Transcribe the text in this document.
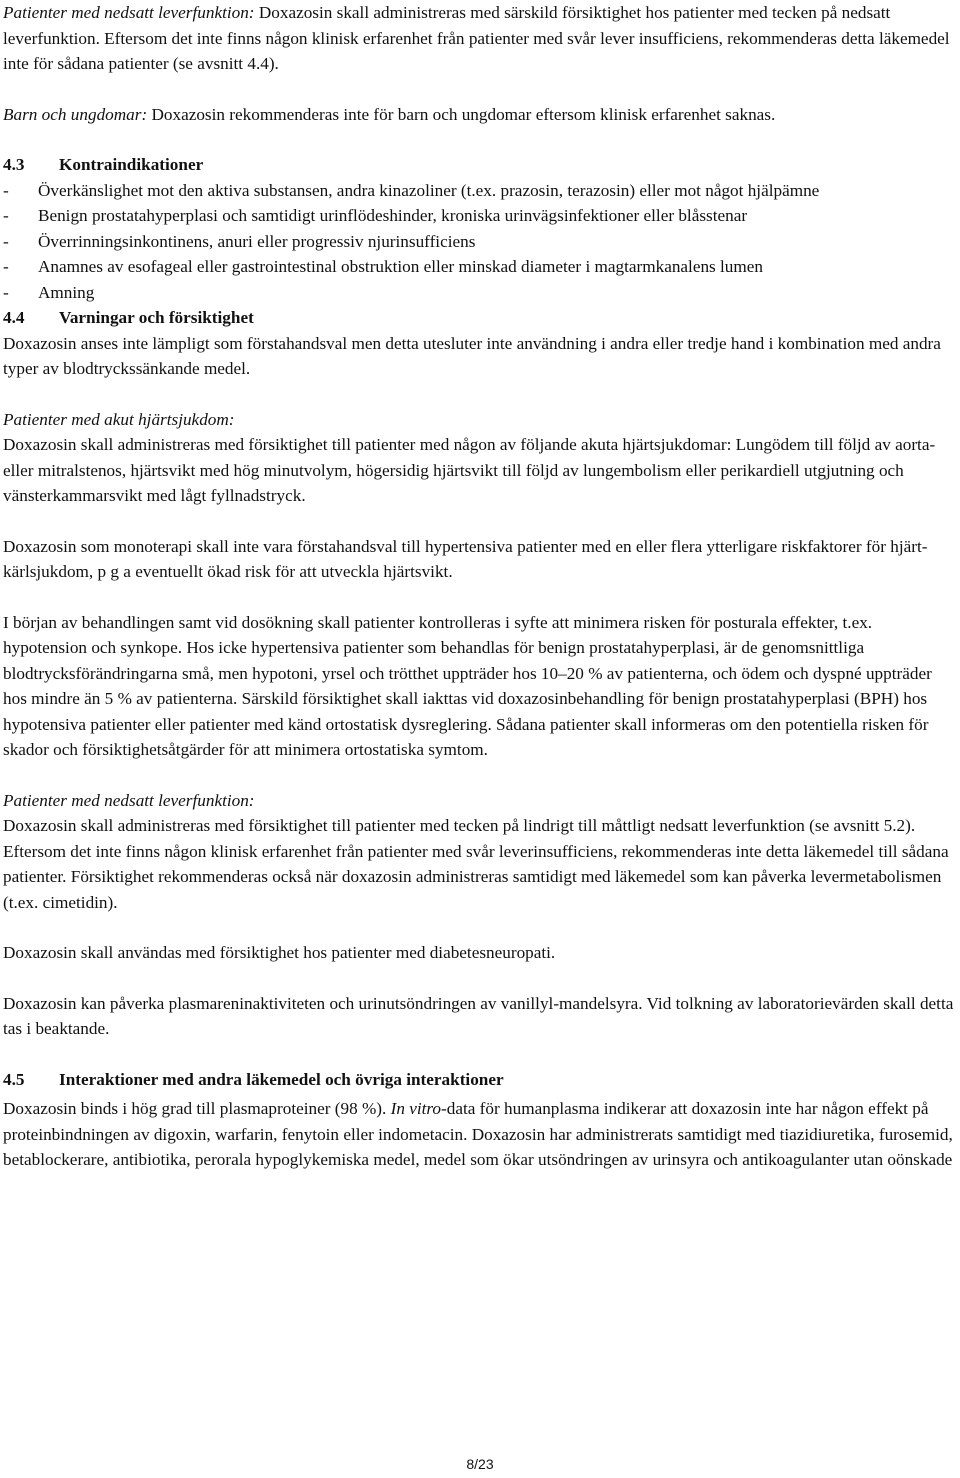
Patienter med nedsatt leverfunktion: Doxazosin skall administreras med särskild försiktighet hos patienter med tecken på nedsatt leverfunktion. Eftersom det inte finns någon klinisk erfarenhet från patienter med svår lever insufficiens, rekommenderas detta läkemedel inte för sådana patienter (se avsnitt 4.4).

Barn och ungdomar: Doxazosin rekommenderas inte för barn och ungdomar eftersom klinisk erfarenhet saknas.

4.3 Kontraindikationer

- Överkänslighet mot den aktiva substansen, andra kinazoliner (t.ex. prazosin, terazosin) eller mot något hjälpämne
- Benign prostatahyperplasi och samtidigt urinflödeshinder, kroniska urinvägsinfektioner eller blåsstenar
- Överrinningsinkontinens, anuri eller progressiv njurinsufficiens
- Anamnes av esofageal eller gastrointestinal obstruktion eller minskad diameter i magtarmkanalens lumen
- Amning

4.4 Varningar och försiktighet

Doxazosin anses inte lämpligt som förstahandsval men detta utesluter inte användning i andra eller tredje hand i kombination med andra typer av blodtryckssänkande medel.

Patienter med akut hjärtsjukdom:

Doxazosin skall administreras med försiktighet till patienter med någon av följande akuta hjärtsjukdomar: Lungödem till följd av aorta- eller mitralstenos, hjärtsvikt med hög minutvolym, högersidig hjärtsvikt till följd av lungembolism eller perikardiell utgjutning och vänsterkammarsvikt med lågt fyllnadstryck.

Doxazosin som monoterapi skall inte vara förstahandsval till hypertensiva patienter med en eller flera ytterligare riskfaktorer för hjärt-kärlsjukdom, p g a eventuellt ökad risk för att utveckla hjärtsvikt.

I början av behandlingen samt vid dosökning skall patienter kontrolleras i syfte att minimera risken för posturala effekter, t.ex. hypotension och synkope. Hos icke hypertensiva patienter som behandlas för benign prostatahyperplasi, är de genomsnittliga blodtrycksförändringarna små, men hypotoni, yrsel och trötthet uppträder hos 10–20 % av patienterna, och ödem och dyspné uppträder hos mindre än 5 % av patienterna. Särskild försiktighet skall iakttas vid doxazosinbehandling för benign prostatahyperplasi (BPH) hos hypotensiva patienter eller patienter med känd ortostatisk dysreglering. Sådana patienter skall informeras om den potentiella risken för skador och försiktighetsåtgärder för att minimera ortostatiska symtom.

Patienter med nedsatt leverfunktion:

Doxazosin skall administreras med försiktighet till patienter med tecken på lindrigt till måttligt nedsatt leverfunktion (se avsnitt 5.2). Eftersom det inte finns någon klinisk erfarenhet från patienter med svår leverinsufficiens, rekommenderas inte detta läkemedel till sådana patienter. Försiktighet rekommenderas också när doxazosin administreras samtidigt med läkemedel som kan påverka levermetabolismen (t.ex. cimetidin).

Doxazosin skall användas med försiktighet hos patienter med diabetesneuropati.

Doxazosin kan påverka plasmareninaktiviteten och urinutsöndringen av vanillyl-mandelsyra. Vid tolkning av laboratorievärden skall detta tas i beaktande.

4.5 Interaktioner med andra läkemedel och övriga interaktioner

Doxazosin binds i hög grad till plasmaproteiner (98 %). In vitro-data för humanplasma indikerar att doxazosin inte har någon effekt på proteinbindningen av digoxin, warfarin, fenytoin eller indometacin. Doxazosin har administrerats samtidigt med tiazidiuretika, furosemid, betablockerare, antibiotika, perorala hypoglykemiska medel, medel som ökar utsöndringen av urinsyra och antikoagulanter utan oönskade

8/23
